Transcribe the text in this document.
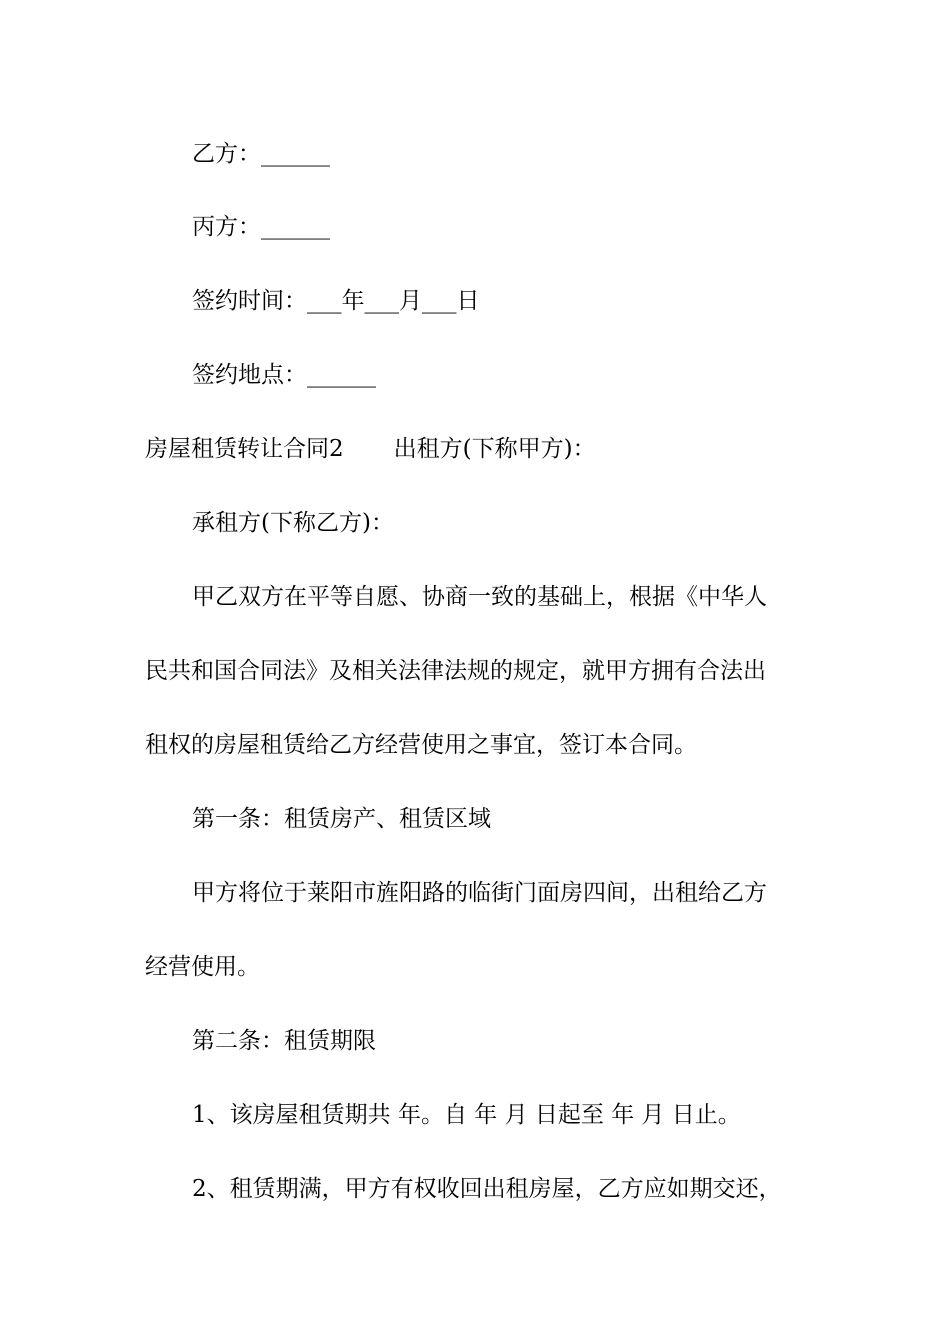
乙方：______
丙方：______
签约时间：___年___月___日
签约地点：______
房屋租赁转让合同2 出租方(下称甲方)：
承租方(下称乙方)：
甲乙双方在平等自愿、协商一致的基础上，根据《中华人
民共和国合同法》及相关法律法规的规定，就甲方拥有合法出
租权的房屋租赁给乙方经营使用之事宜，签订本合同。
第一条：租赁房产、租赁区域
甲方将位于莱阳市旌阳路的临街门面房四间，出租给乙方
经营使用。
第二条：租赁期限
1、该房屋租赁期共 年。自 年 月 日起至 年 月 日止。
2、租赁期满，甲方有权收回出租房屋，乙方应如期交还，
